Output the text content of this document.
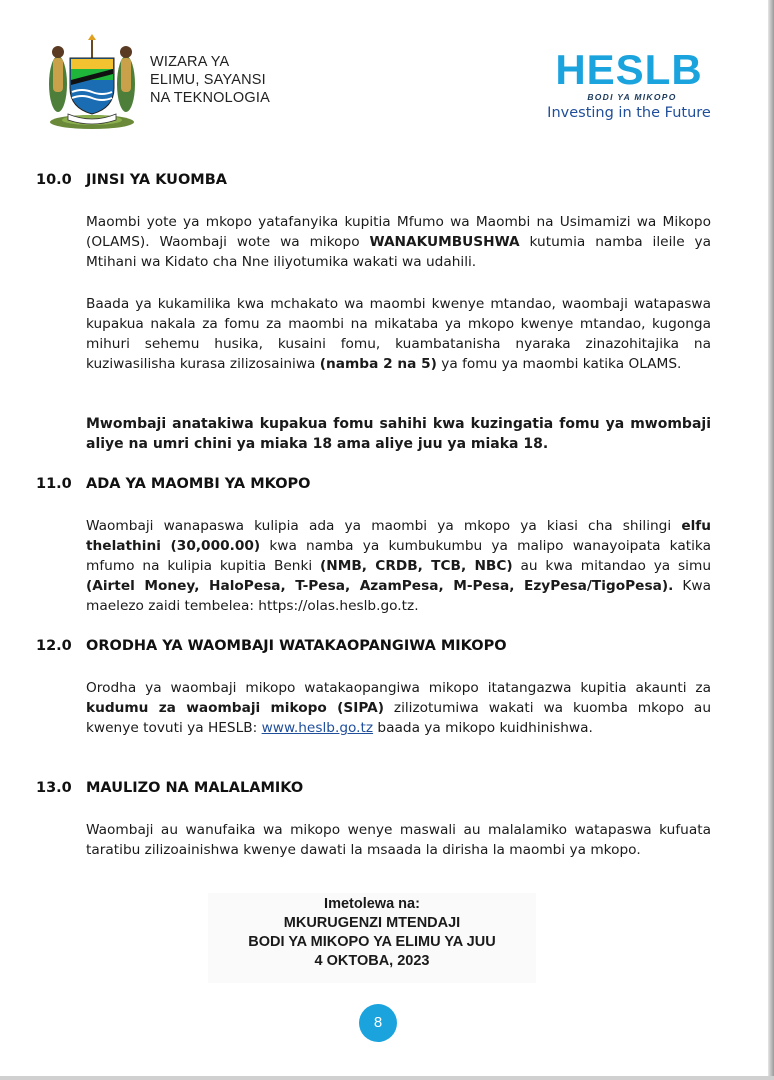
WIZARA YA
ELIMU, SAYANSI
NA TEKNOLOGIA
HESLB
BODI YA MIKOPO
Investing in the Future
10.0 JINSI YA KUOMBA
Maombi yote ya mkopo yatafanyika kupitia Mfumo wa Maombi na Usimamizi wa Mikopo (OLAMS). Waombaji wote wa mikopo WANAKUMBUSHWA kutumia namba ileile ya Mtihani wa Kidato cha Nne iliyotumika wakati wa udahili.
Baada ya kukamilika kwa mchakato wa maombi kwenye mtandao, waombaji watapaswa kupakua nakala za fomu za maombi na mikataba ya mkopo kwenye mtandao, kugonga mihuri sehemu husika, kusaini fomu, kuambatanisha nyaraka zinazohitajika na kuziwasilisha kurasa zilizosainiwa (namba 2 na 5) ya fomu ya maombi katika OLAMS.
Mwombaji anatakiwa kupakua fomu sahihi kwa kuzingatia fomu ya mwombaji aliye na umri chini ya miaka 18 ama aliye juu ya miaka 18.
11.0 ADA YA MAOMBI YA MKOPO
Waombaji wanapaswa kulipia ada ya maombi ya mkopo ya kiasi cha shilingi elfu thelathini (30,000.00) kwa namba ya kumbukumbu ya malipo wanayoipata katika mfumo na kulipia kupitia Benki (NMB, CRDB, TCB, NBC) au kwa mitandao ya simu (Airtel Money, HaloPesa, T-Pesa, AzamPesa, M-Pesa, EzyPesa/TigoPesa). Kwa maelezo zaidi tembelea: https://olas.heslb.go.tz.
12.0 ORODHA YA WAOMBAJI WATAKAOPANGIWA MIKOPO
Orodha ya waombaji mikopo watakaopangiwa mikopo itatangazwa kupitia akaunti za kudumu za waombaji mikopo (SIPA) zilizotumiwa wakati wa kuomba mkopo au kwenye tovuti ya HESLB: www.heslb.go.tz baada ya mikopo kuidhinishwa.
13.0 MAULIZO NA MALALAMIKO
Waombaji au wanufaika wa mikopo wenye maswali au malalamiko watapaswa kufuata taratibu zilizoainishwa kwenye dawati la msaada la dirisha la maombi ya mkopo.
Imetolewa na:
MKURUGENZI MTENDAJI
BODI YA MIKOPO YA ELIMU YA JUU
4 OKTOBA, 2023
8
